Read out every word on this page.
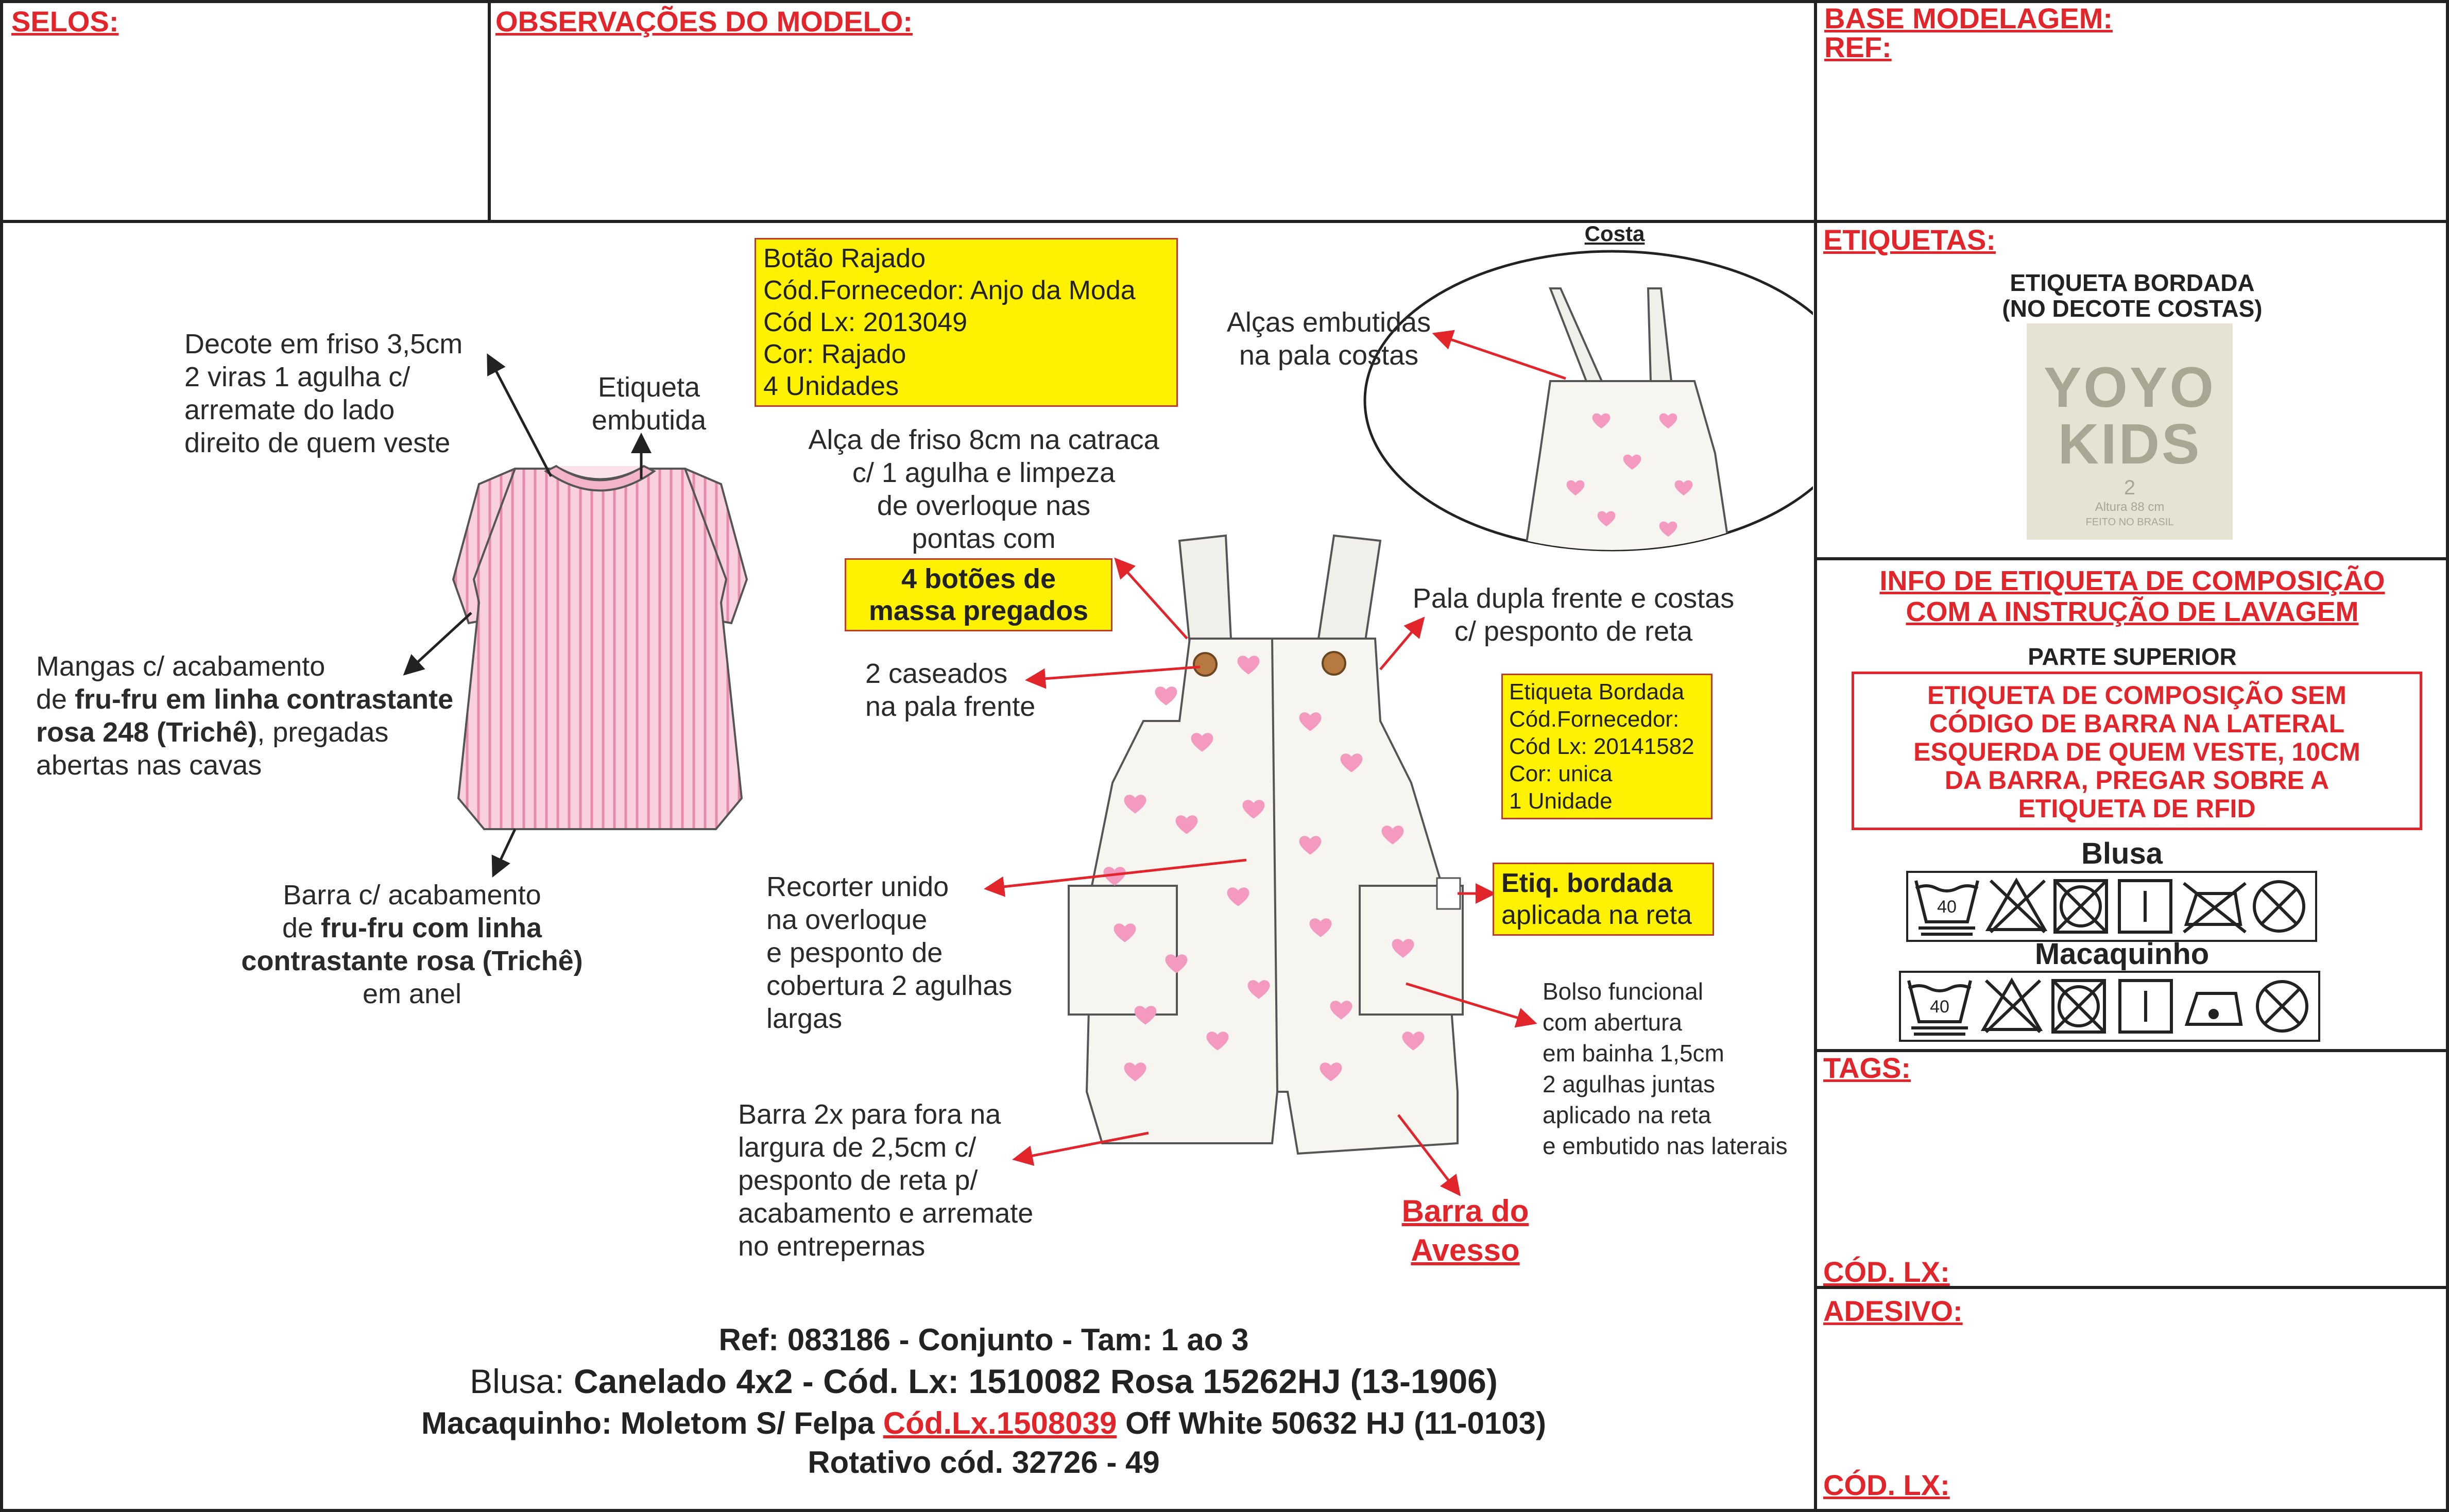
SELOS:	OBSERVAÇÕES DO MODELO:	BASE MODELAGEM:
REF:
ETIQUETAS:
ETIQUETA BORDADA
(NO DECOTE COSTAS)
YOYO
KIDS
2
Altura 88 cm
FEITO NO BRASIL
INFO DE ETIQUETA DE COMPOSIÇÃO
COM A INSTRUÇÃO DE LAVAGEM
PARTE SUPERIOR
ETIQUETA DE COMPOSIÇÃO SEM
CÓDIGO DE BARRA NA LATERAL
ESQUERDA DE QUEM VESTE, 10CM
DA BARRA, PREGAR SOBRE A
ETIQUETA DE RFID
Blusa
40
Macaquinho
40
TAGS:
CÓD. LX:
ADESIVO:
CÓD. LX:
Decote em friso 3,5cm
2 viras 1 agulha c/
arremate do lado
direito de quem veste
Etiqueta
embutida
Mangas c/ acabamento
de fru-fru em linha contrastante
rosa 248 (Trichê), pregadas
abertas nas cavas
Barra c/ acabamento
de fru-fru com linha
contrastante rosa (Trichê)
em anel
Botão Rajado
Cód.Fornecedor: Anjo da Moda
Cód Lx: 2013049
Cor: Rajado
4 Unidades
Alça de friso 8cm na catraca
c/ 1 agulha e limpeza
de overloque nas
pontas com
4 botões de
massa pregados
2 caseados
na pala frente
Costa
Alças embutidas
na pala costas
Pala dupla frente e costas
c/ pesponto de reta
Etiqueta Bordada
Cód.Fornecedor:
Cód Lx: 20141582
Cor: unica
1 Unidade
Etiq. bordada
aplicada na reta
Recorter unido
na overloque
e pesponto de
cobertura 2 agulhas
largas
Bolso funcional
com abertura
em bainha 1,5cm
2 agulhas juntas
aplicado na reta
e embutido nas laterais
Barra 2x para fora na
largura de 2,5cm c/
pesponto de reta p/
acabamento e arremate
no entrepernas
Barra do
Avesso
Ref: 083186 - Conjunto - Tam: 1 ao 3
Blusa: Canelado 4x2 - Cód. Lx: 1510082 Rosa 15262HJ (13-1906)
Macaquinho: Moletom S/ Felpa Cód.Lx.1508039 Off White 50632 HJ (11-0103)
Rotativo cód. 32726 - 49
